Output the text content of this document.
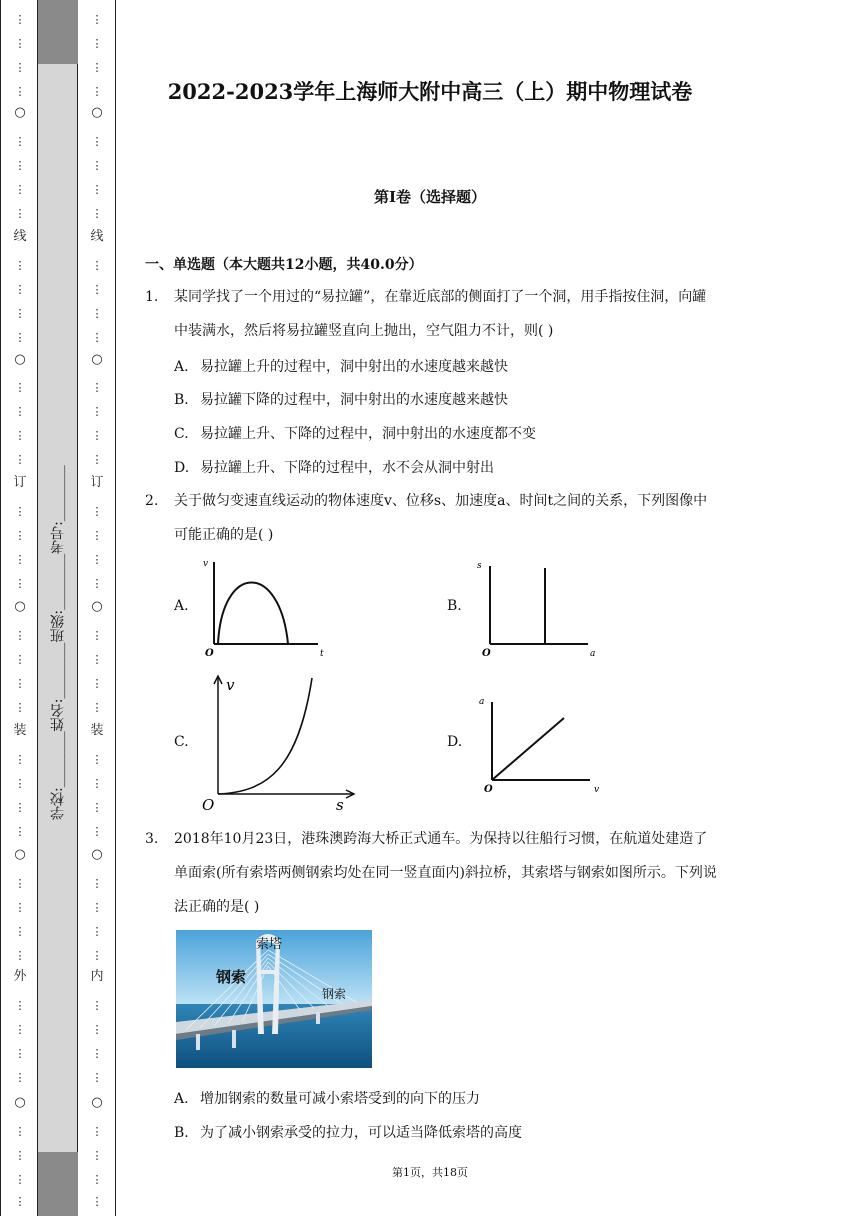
⋮
⋮
⋮
⋮
○
⋮
⋮
⋮
⋮
线
⋮
⋮
⋮
⋮
○
⋮
⋮
⋮
⋮
订
⋮
⋮
⋮
⋮
○
⋮
⋮
⋮
⋮
装
⋮
⋮
⋮
⋮
○
⋮
⋮
⋮
⋮
外
⋮
⋮
⋮
⋮
○
⋮
⋮
⋮
⋮
学校:________姓名:________班级:________考号:________
⋮
⋮
⋮
⋮
○
⋮
⋮
⋮
⋮
线
⋮
⋮
⋮
⋮
○
⋮
⋮
⋮
⋮
订
⋮
⋮
⋮
⋮
○
⋮
⋮
⋮
⋮
装
⋮
⋮
⋮
⋮
○
⋮
⋮
⋮
⋮
内
⋮
⋮
⋮
⋮
○
⋮
⋮
⋮
⋮
2022-2023学年上海师大附中高三（上）期中物理试卷
第I卷（选择题）
一、单选题（本大题共12小题，共40.0分）
1.	某同学找了一个用过的“易拉罐”，在靠近底部的侧面打了一个洞，用手指按住洞，向罐中装满水，然后将易拉罐竖直向上抛出，空气阻力不计，则( )
A. 易拉罐上升的过程中，洞中射出的水速度越来越快
B. 易拉罐下降的过程中，洞中射出的水速度越来越快
C. 易拉罐上升、下降的过程中，洞中射出的水速度都不变
D. 易拉罐上升、下降的过程中，水不会从洞中射出
2.	关于做匀变速直线运动的物体速度v、位移s、加速度a、时间t之间的关系，下列图像中可能正确的是( )
A.
v
t
O
B.
s
a
O
C.
v
s
O
D.
a
v
O
3.	2018年10月23日，港珠澳跨海大桥正式通车。为保持以往船行习惯，在航道处建造了单面索(所有索塔两侧钢索均处在同一竖直面内)斜拉桥，其索塔与钢索如图所示。下列说法正确的是( )
索塔
钢索
钢索
A. 增加钢索的数量可减小索塔受到的向下的压力
B. 为了减小钢索承受的拉力，可以适当降低索塔的高度
第1页，共18页
